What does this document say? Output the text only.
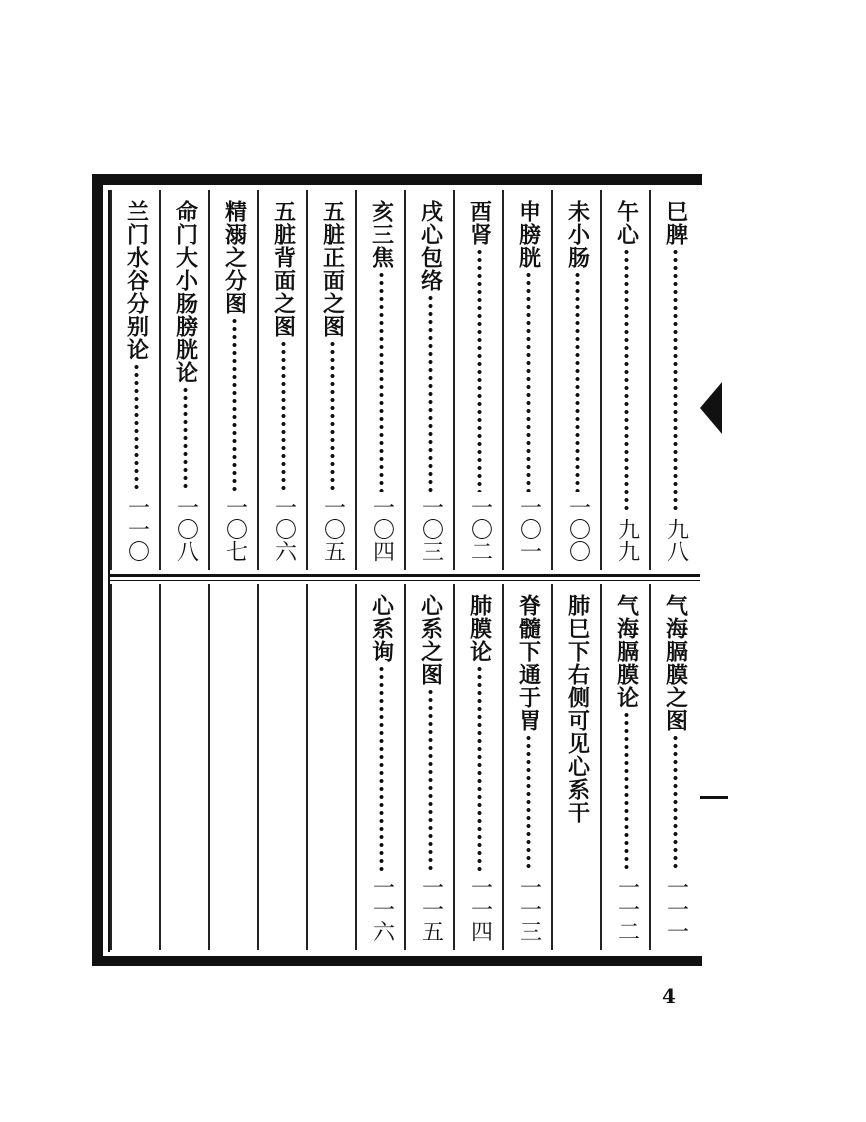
巳脾
九八
午心
九九
未小肠
一〇〇
申膀胱
一〇一
酉肾
一〇二
戌心包络
一〇三
亥三焦
一〇四
五脏正面之图
一〇五
五脏背面之图
一〇六
精溺之分图
一〇七
命门大小肠膀胱论
一〇八
兰门水谷分别论
一一〇
气海膈膜之图
一一一
气海膈膜论
一一二
肺巳下右侧可见心系干
脊髓下通于胃
一一三
肺膜论
一一四
心系之图
一一五
心系询
一一六
4
